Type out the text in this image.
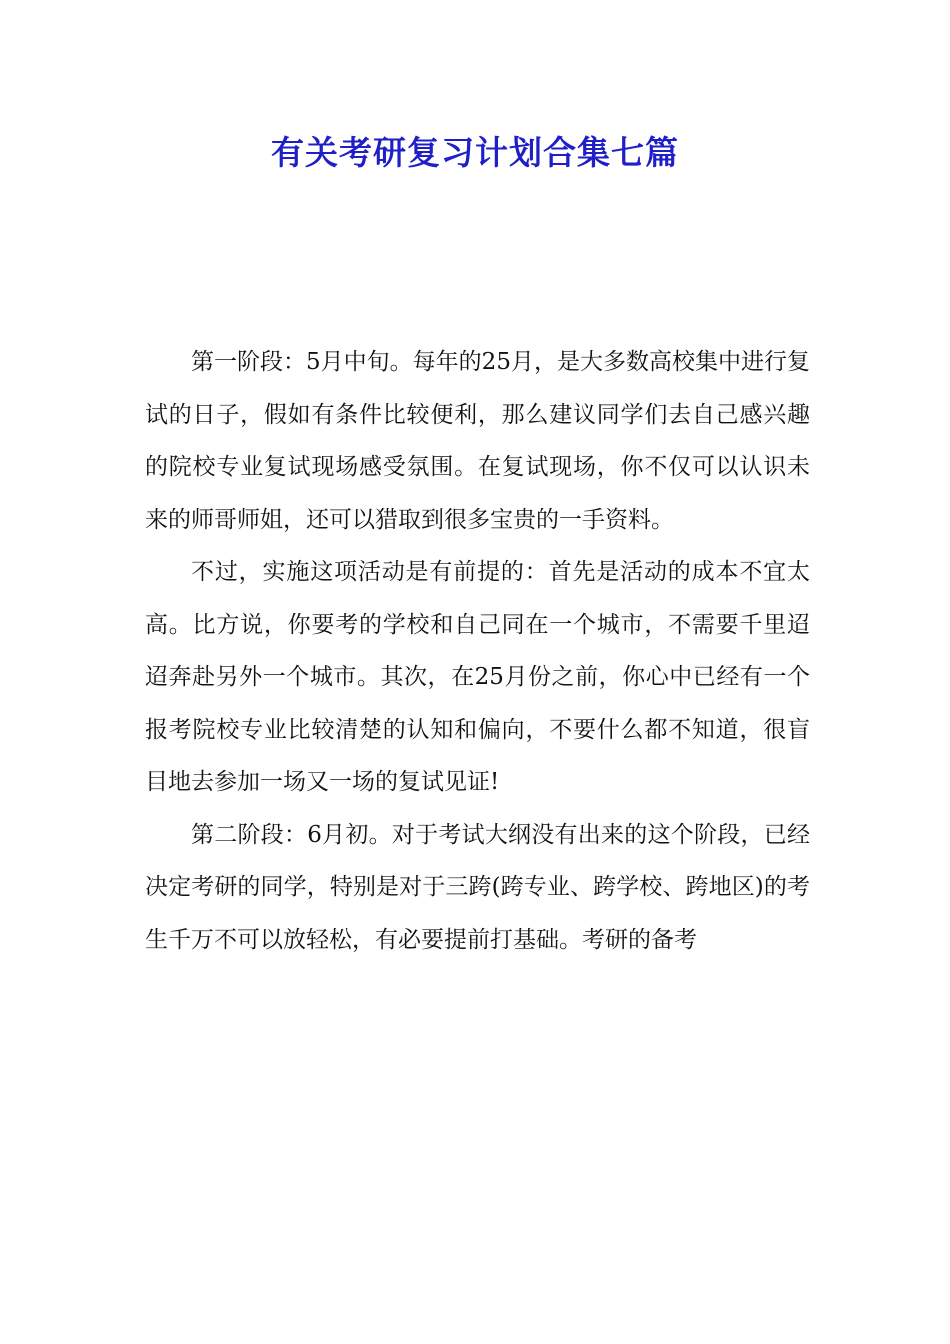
有关考研复习计划合集七篇

第一阶段：5月中旬。每年的25月，是大多数高校集中进行复试的日子，假如有条件比较便利，那么建议同学们去自己感兴趣的院校专业复试现场感受氛围。在复试现场，你不仅可以认识未来的师哥师姐，还可以猎取到很多宝贵的一手资料。

不过，实施这项活动是有前提的：首先是活动的成本不宜太高。比方说，你要考的学校和自己同在一个城市，不需要千里迢迢奔赴另外一个城市。其次，在25月份之前，你心中已经有一个报考院校专业比较清楚的认知和偏向，不要什么都不知道，很盲目地去参加一场又一场的复试见证!

第二阶段：6月初。对于考试大纲没有出来的这个阶段，已经决定考研的同学，特别是对于三跨(跨专业、跨学校、跨地区)的考生千万不可以放轻松，有必要提前打基础。考研的备考
